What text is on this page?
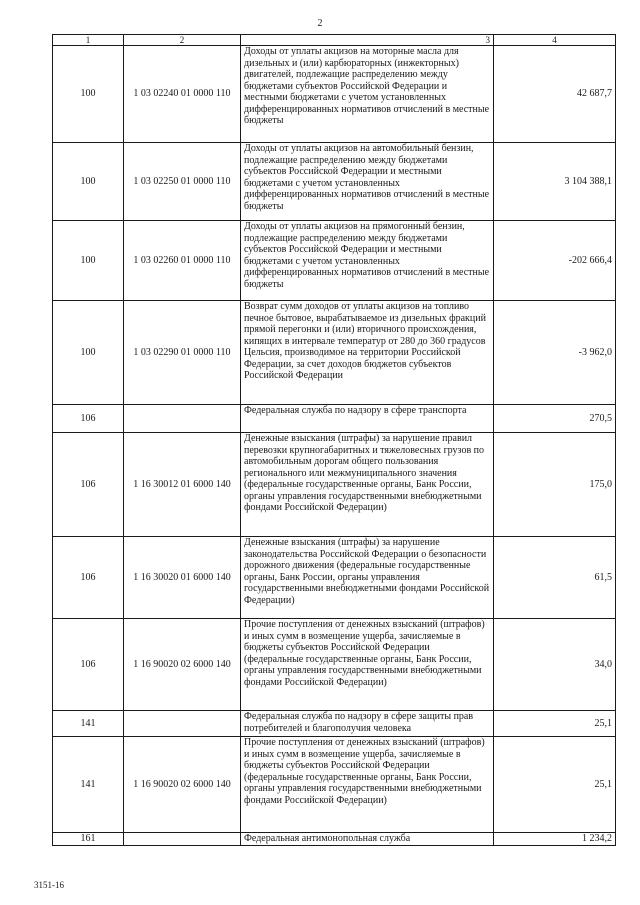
2
1	2	3	4
100	1 03 02240 01 0000 110	Доходы от уплаты акцизов на моторные масла для дизельных и (или) карбюраторных (инжекторных) двигателей, подлежащие распределению между бюджетами субъектов Российской Федерации и местными бюджетами с учетом установленных дифференцированных нормативов отчислений в местные бюджеты	42 687,7
100	1 03 02250 01 0000 110	Доходы от уплаты акцизов на автомобильный бензин, подлежащие распределению между бюджетами субъектов Российской Федерации и местными бюджетами с учетом установленных дифференцированных нормативов отчислений в местные бюджеты	3 104 388,1
100	1 03 02260 01 0000 110	Доходы от уплаты акцизов на прямогонный бензин, подлежащие распределению между бюджетами субъектов Российской Федерации и местными бюджетами с учетом установленных дифференцированных нормативов отчислений в местные бюджеты	-202 666,4
100	1 03 02290 01 0000 110	Возврат сумм доходов от уплаты акцизов на топливо печное бытовое, вырабатываемое из дизельных фракций прямой перегонки и (или) вторичного происхождения, кипящих в интервале температур от 280 до 360 градусов Цельсия, производимое на территории Российской Федерации, за счет доходов бюджетов субъектов Российской Федерации	-3 962,0
106		Федеральная служба по надзору в сфере транспорта	270,5
106	1 16 30012 01 6000 140	Денежные взыскания (штрафы) за нарушение правил перевозки крупногабаритных и тяжеловесных грузов по автомобильным дорогам общего пользования регионального или межмуниципального значения (федеральные государственные органы, Банк России, органы управления государственными внебюджетными фондами Российской Федерации)	175,0
106	1 16 30020 01 6000 140	Денежные взыскания (штрафы) за нарушение законодательства Российской Федерации о безопасности дорожного движения (федеральные государственные органы, Банк России, органы управления государственными внебюджетными фондами Российской Федерации)	61,5
106	1 16 90020 02 6000 140	Прочие поступления от денежных взысканий (штрафов) и иных сумм в возмещение ущерба, зачисляемые в бюджеты субъектов Российской Федерации (федеральные государственные органы, Банк России, органы управления государственными внебюджетными фондами Российской Федерации)	34,0
141		Федеральная служба по надзору в сфере защиты прав потребителей и благополучия человека	25,1
141	1 16 90020 02 6000 140	Прочие поступления от денежных взысканий (штрафов) и иных сумм в возмещение ущерба, зачисляемые в бюджеты субъектов Российской Федерации (федеральные государственные органы, Банк России, органы управления государственными внебюджетными фондами Российской Федерации)	25,1
161		Федеральная антимонопольная служба	1 234,2
3151-16
